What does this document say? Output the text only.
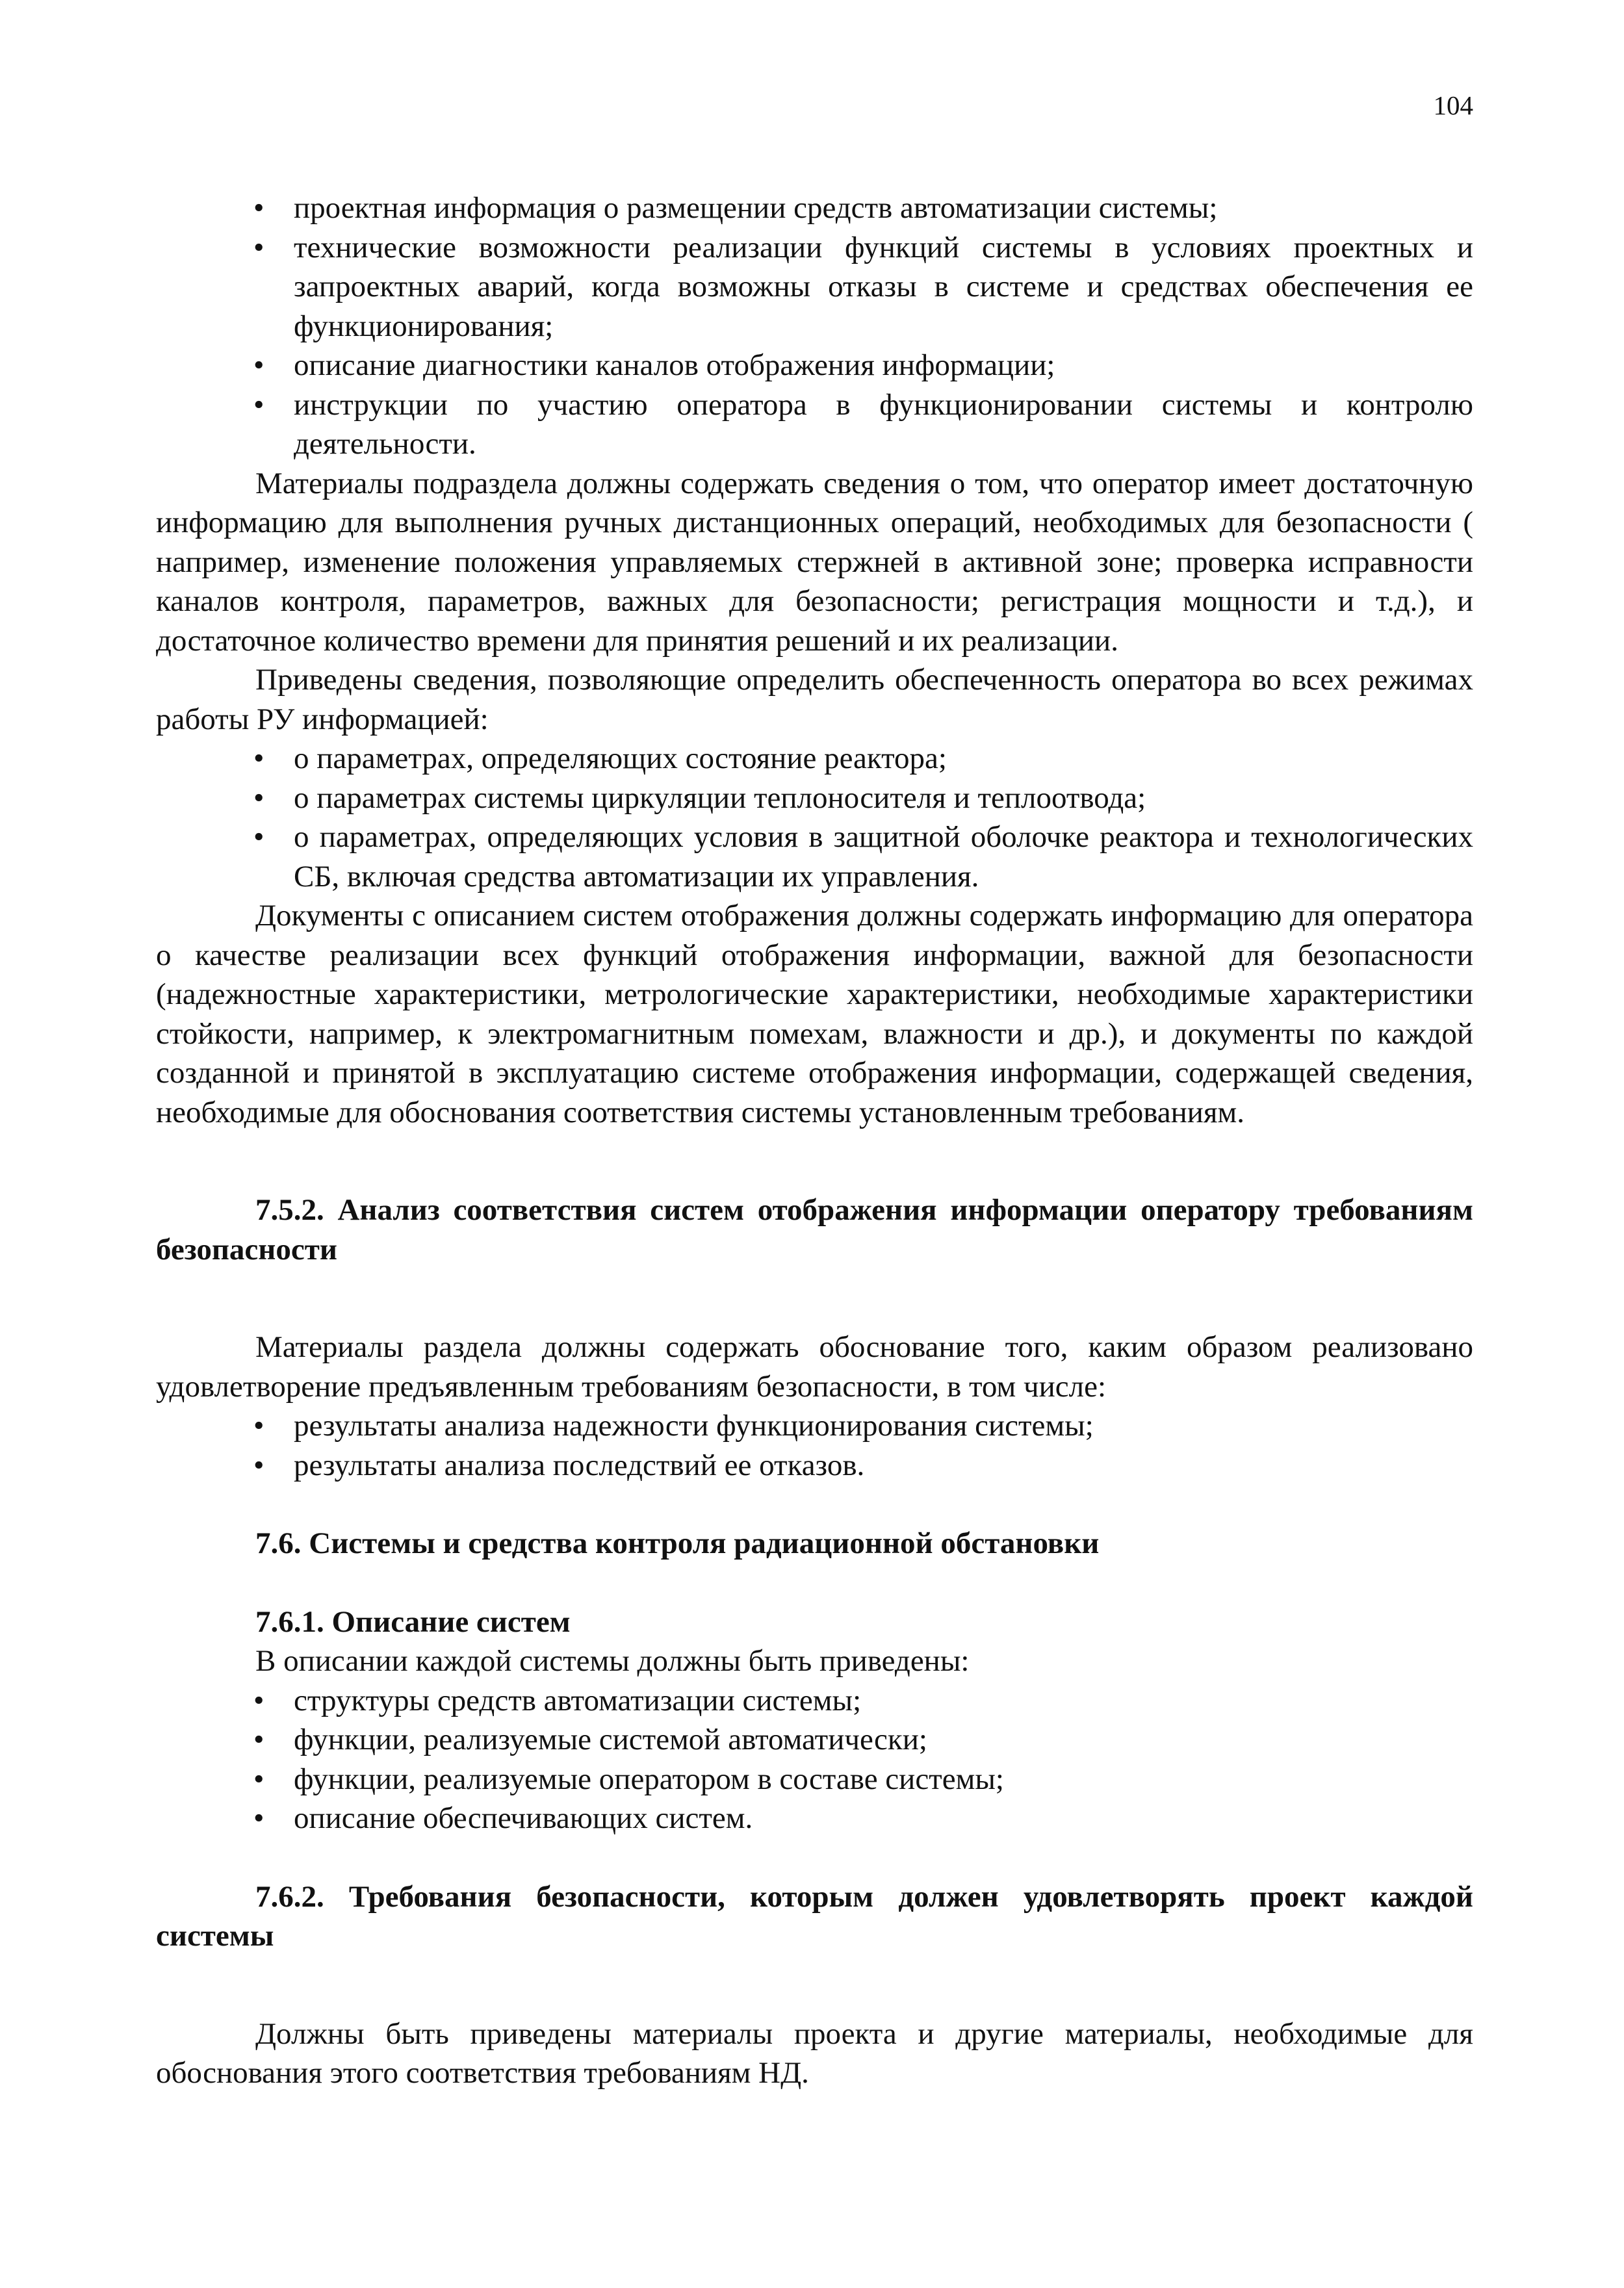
104
• проектная информация о размещении средств автоматизации системы;
• технические возможности реализации функций системы в условиях проектных и запроектных аварий, когда возможны отказы в системе и средствах обеспечения ее функционирования;
• описание диагностики каналов отображения информации;
• инструкции по участию оператора в функционировании системы и контролю деятельности.

Материалы подраздела должны содержать сведения о том, что оператор имеет достаточную информацию для выполнения ручных дистанционных операций, необходимых для безопасности ( например, изменение положения управляемых стержней в активной зоне; проверка исправности каналов контроля, параметров, важных для безопасности; регистрация мощности и т.д.), и достаточное количество времени для принятия решений и их реализации.

Приведены сведения, позволяющие определить обеспеченность оператора во всех режимах работы РУ информацией:

• о параметрах, определяющих состояние реактора;
• о параметрах системы циркуляции теплоносителя и теплоотвода;
• о параметрах, определяющих условия в защитной оболочке реактора и технологических СБ, включая средства автоматизации их управления.

Документы с описанием систем отображения должны содержать информацию для оператора о качестве реализации всех функций отображения информации, важной для безопасности (надежностные характеристики, метрологические характеристики, необходимые характеристики стойкости, например, к электромагнитным помехам, влажности и др.), и документы по каждой созданной и принятой в эксплуатацию системе отображения информации, содержащей сведения, необходимые для обоснования соответствия системы установленным требованиям.

7.5.2. Анализ соответствия систем отображения информации оператору требованиям безопасности

Материалы раздела должны содержать обоснование того, каким образом реализовано удовлетворение предъявленным требованиям безопасности, в том числе:

• результаты анализа надежности функционирования системы;
• результаты анализа последствий ее отказов.
7.6. Системы и средства контроля радиационной обстановки
7.6.1. Описание систем

В описании каждой системы должны быть приведены:

• структуры средств автоматизации системы;
• функции, реализуемые системой автоматически;
• функции, реализуемые оператором в составе системы;
• описание обеспечивающих систем.
7.6.2. Требования безопасности, которым должен удовлетворять проект каждой системы

Должны быть приведены материалы проекта и другие материалы, необходимые для обоснования этого соответствия требованиям НД.
